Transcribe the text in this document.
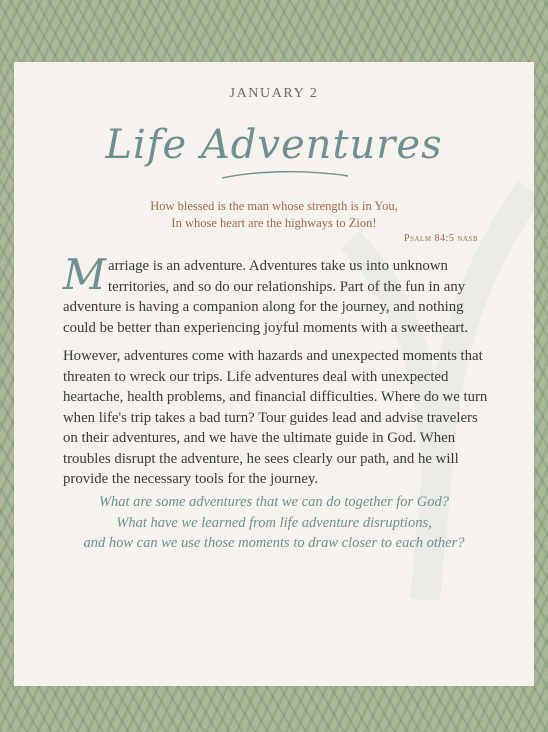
JANUARY 2
Life Adventures
How blessed is the man whose strength is in You,
In whose heart are the highways to Zion!
Psalm 84:5 nasb
Marriage is an adventure. Adventures take us into unknown territories, and so do our relationships. Part of the fun in any adventure is having a companion along for the journey, and nothing could be better than experiencing joyful moments with a sweetheart.
However, adventures come with hazards and unexpected moments that threaten to wreck our trips. Life adventures deal with unexpected heartache, health problems, and financial difficulties. Where do we turn when life's trip takes a bad turn? Tour guides lead and advise travelers on their adventures, and we have the ultimate guide in God. When troubles disrupt the adventure, he sees clearly our path, and he will provide the necessary tools for the journey.
What are some adventures that we can do together for God?
What have we learned from life adventure disruptions,
and how can we use those moments to draw closer to each other?
